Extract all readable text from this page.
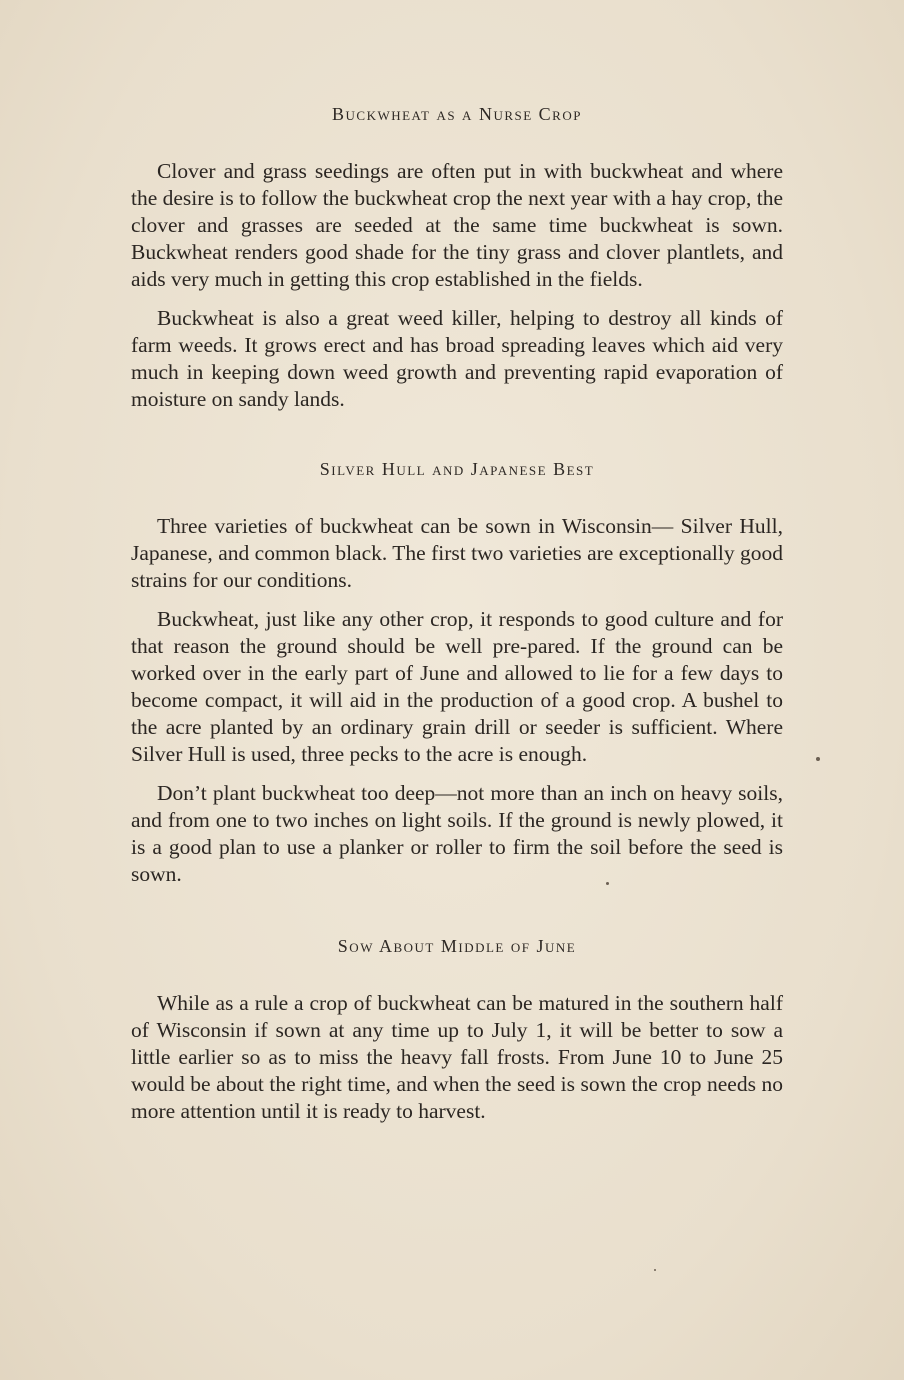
Buckwheat as a Nurse Crop

Clover and grass seedings are often put in with buckwheat and where the desire is to follow the buckwheat crop the next year with a hay crop, the clover and grasses are seeded at the same time buckwheat is sown. Buckwheat renders good shade for the tiny grass and clover plantlets, and aids very much in getting this crop established in the fields.

Buckwheat is also a great weed killer, helping to destroy all kinds of farm weeds. It grows erect and has broad spreading leaves which aid very much in keeping down weed growth and preventing rapid evaporation of moisture on sandy lands.

Silver Hull and Japanese Best

Three varieties of buckwheat can be sown in Wisconsin— Silver Hull, Japanese, and common black. The first two varieties are exceptionally good strains for our conditions.

Buckwheat, just like any other crop, it responds to good culture and for that reason the ground should be well pre-pared. If the ground can be worked over in the early part of June and allowed to lie for a few days to become compact, it will aid in the production of a good crop. A bushel to the acre planted by an ordinary grain drill or seeder is sufficient. Where Silver Hull is used, three pecks to the acre is enough.

Don’t plant buckwheat too deep—not more than an inch on heavy soils, and from one to two inches on light soils. If the ground is newly plowed, it is a good plan to use a planker or roller to firm the soil before the seed is sown.

Sow About Middle of June

While as a rule a crop of buckwheat can be matured in the southern half of Wisconsin if sown at any time up to July 1, it will be better to sow a little earlier so as to miss the heavy fall frosts. From June 10 to June 25 would be about the right time, and when the seed is sown the crop needs no more attention until it is ready to harvest.
